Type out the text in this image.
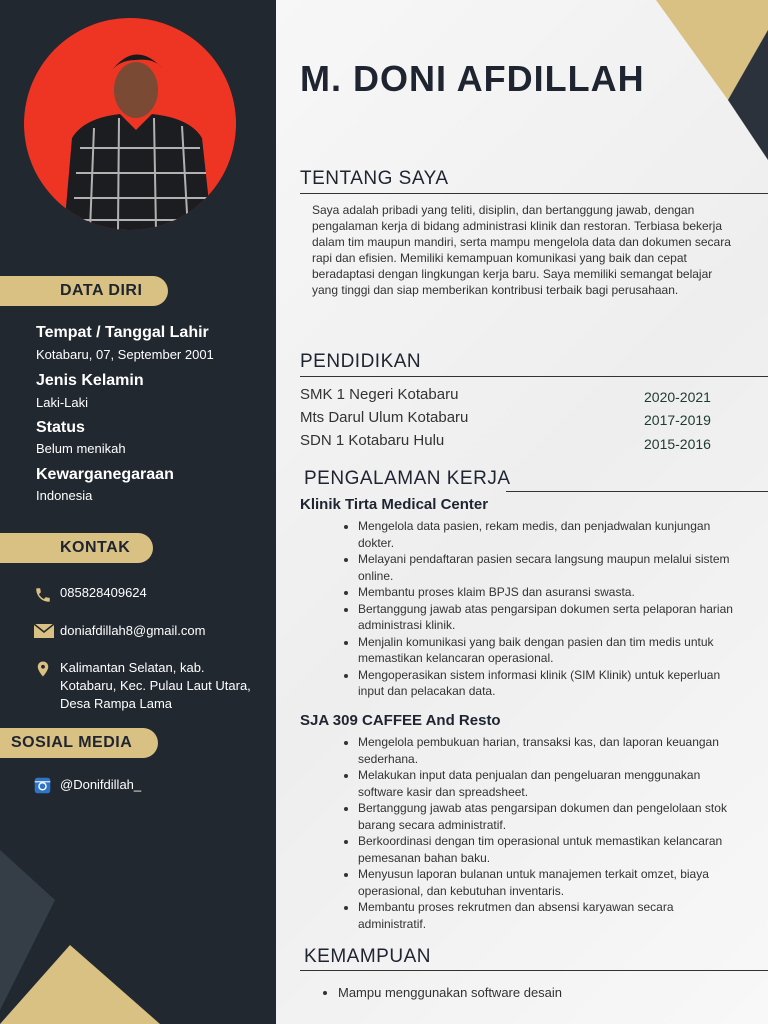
DATA DIRI
Tempat / Tanggal Lahir
Kotabaru, 07, September 2001
Jenis Kelamin
Laki-Laki
Status
Belum menikah
Kewarganegaraan
Indonesia
KONTAK
085828409624
doniafdillah8@gmail.com
Kalimantan Selatan, kab.
Kotabaru, Kec. Pulau Laut Utara,
Desa Rampa Lama
SOSIAL MEDIA
@Donifdillah_
M. DONI AFDILLAH
TENTANG SAYA
Saya adalah pribadi yang teliti, disiplin, dan bertanggung jawab, dengan pengalaman kerja di bidang administrasi klinik dan restoran. Terbiasa bekerja dalam tim maupun mandiri, serta mampu mengelola data dan dokumen secara rapi dan efisien. Memiliki kemampuan komunikasi yang baik dan cepat beradaptasi dengan lingkungan kerja baru. Saya memiliki semangat belajar yang tinggi dan siap memberikan kontribusi terbaik bagi perusahaan.
PENDIDIKAN
SMK 1 Negeri Kotabaru	2020-2021
Mts Darul Ulum Kotabaru	2017-2019
SDN 1 Kotabaru Hulu	2015-2016
PENGALAMAN KERJA
Klinik Tirta Medical Center
• Mengelola data pasien, rekam medis, dan penjadwalan kunjungan dokter.
• Melayani pendaftaran pasien secara langsung maupun melalui sistem online.
• Membantu proses klaim BPJS dan asuransi swasta.
• Bertanggung jawab atas pengarsipan dokumen serta pelaporan harian administrasi klinik.
• Menjalin komunikasi yang baik dengan pasien dan tim medis untuk memastikan kelancaran operasional.
• Mengoperasikan sistem informasi klinik (SIM Klinik) untuk keperluan input dan pelacakan data.
SJA 309 CAFFEE And Resto
• Mengelola pembukuan harian, transaksi kas, dan laporan keuangan sederhana.
• Melakukan input data penjualan dan pengeluaran menggunakan software kasir dan spreadsheet.
• Bertanggung jawab atas pengarsipan dokumen dan pengelolaan stok barang secara administratif.
• Berkoordinasi dengan tim operasional untuk memastikan kelancaran pemesanan bahan baku.
• Menyusun laporan bulanan untuk manajemen terkait omzet, biaya operasional, dan kebutuhan inventaris.
• Membantu proses rekrutmen dan absensi karyawan secara administratif.
KEMAMPUAN
• Mampu menggunakan software desain
